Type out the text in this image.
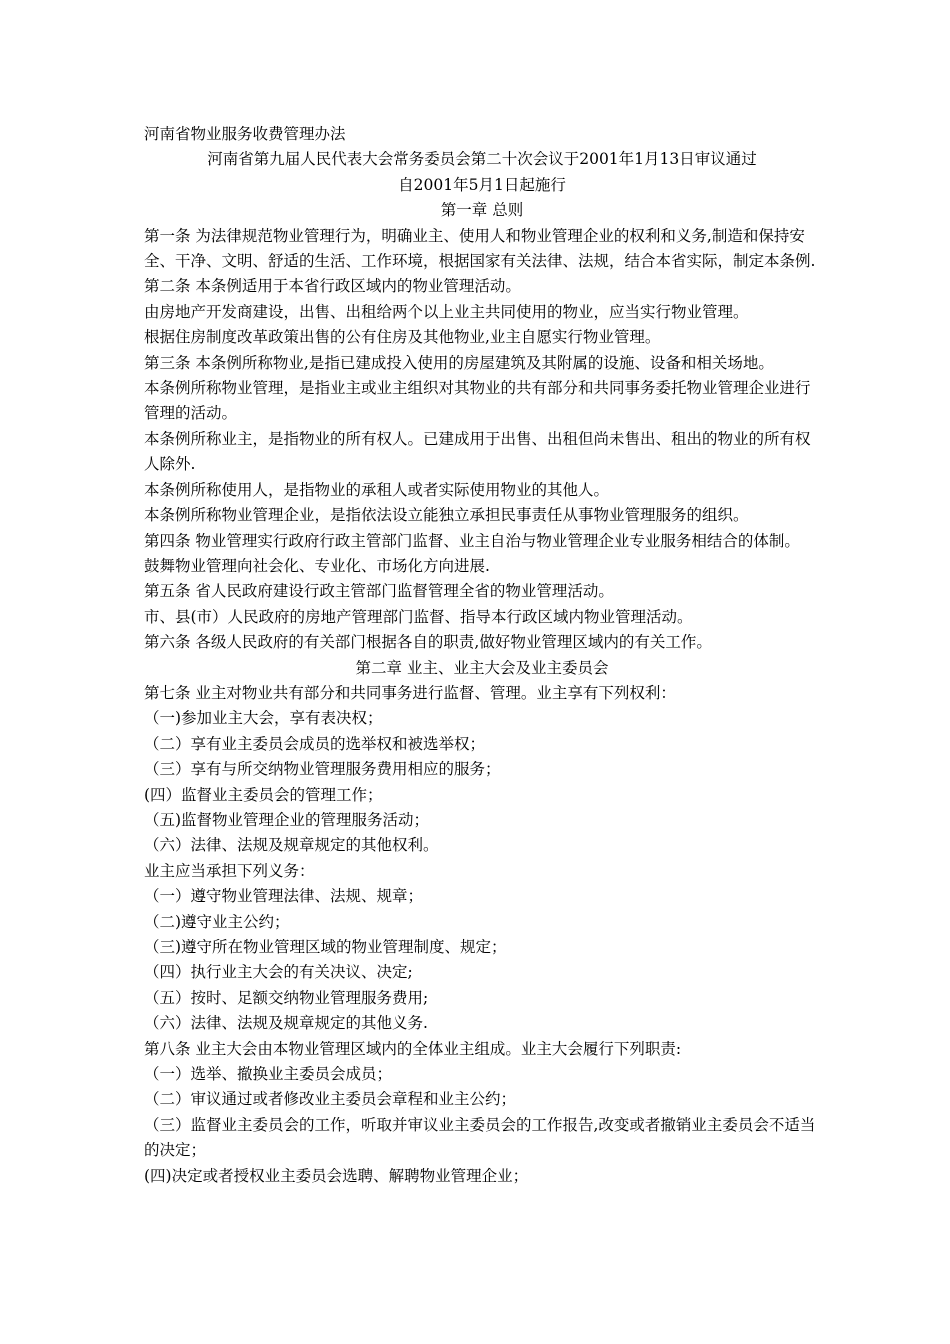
河南省物业服务收费管理办法
河南省第九届人民代表大会常务委员会第二十次会议于2001年1月13日审议通过
自2001年5月1日起施行
第一章 总则
第一条 为法律规范物业管理行为，明确业主、使用人和物业管理企业的权利和义务,制造和保持安全、干净、文明、舒适的生活、工作环境，根据国家有关法律、法规，结合本省实际，制定本条例.
第二条 本条例适用于本省行政区域内的物业管理活动。
由房地产开发商建设，出售、出租给两个以上业主共同使用的物业，应当实行物业管理。
根据住房制度改革政策出售的公有住房及其他物业,业主自愿实行物业管理。
第三条 本条例所称物业,是指已建成投入使用的房屋建筑及其附属的设施、设备和相关场地。
本条例所称物业管理，是指业主或业主组织对其物业的共有部分和共同事务委托物业管理企业进行管理的活动。
本条例所称业主，是指物业的所有权人。已建成用于出售、出租但尚未售出、租出的物业的所有权人除外.
本条例所称使用人，是指物业的承租人或者实际使用物业的其他人。
本条例所称物业管理企业，是指依法设立能独立承担民事责任从事物业管理服务的组织。
第四条 物业管理实行政府行政主管部门监督、业主自治与物业管理企业专业服务相结合的体制。
鼓舞物业管理向社会化、专业化、市场化方向进展.
第五条 省人民政府建设行政主管部门监督管理全省的物业管理活动。
市、县(市）人民政府的房地产管理部门监督、指导本行政区域内物业管理活动。
第六条 各级人民政府的有关部门根据各自的职责,做好物业管理区域内的有关工作。
第二章 业主、业主大会及业主委员会
第七条 业主对物业共有部分和共同事务进行监督、管理。业主享有下列权利：
（一)参加业主大会，享有表决权；
（二）享有业主委员会成员的选举权和被选举权；
（三）享有与所交纳物业管理服务费用相应的服务；
(四）监督业主委员会的管理工作；
（五)监督物业管理企业的管理服务活动；
（六）法律、法规及规章规定的其他权利。
业主应当承担下列义务：
（一）遵守物业管理法律、法规、规章；
（二)遵守业主公约；
（三)遵守所在物业管理区域的物业管理制度、规定；
（四）执行业主大会的有关决议、决定;
（五）按时、足额交纳物业管理服务费用;
（六）法律、法规及规章规定的其他义务.
第八条 业主大会由本物业管理区域内的全体业主组成。业主大会履行下列职责:
（一）选举、撤换业主委员会成员；
（二）审议通过或者修改业主委员会章程和业主公约；
（三）监督业主委员会的工作，听取并审议业主委员会的工作报告,改变或者撤销业主委员会不适当的决定；
(四)决定或者授权业主委员会选聘、解聘物业管理企业；
